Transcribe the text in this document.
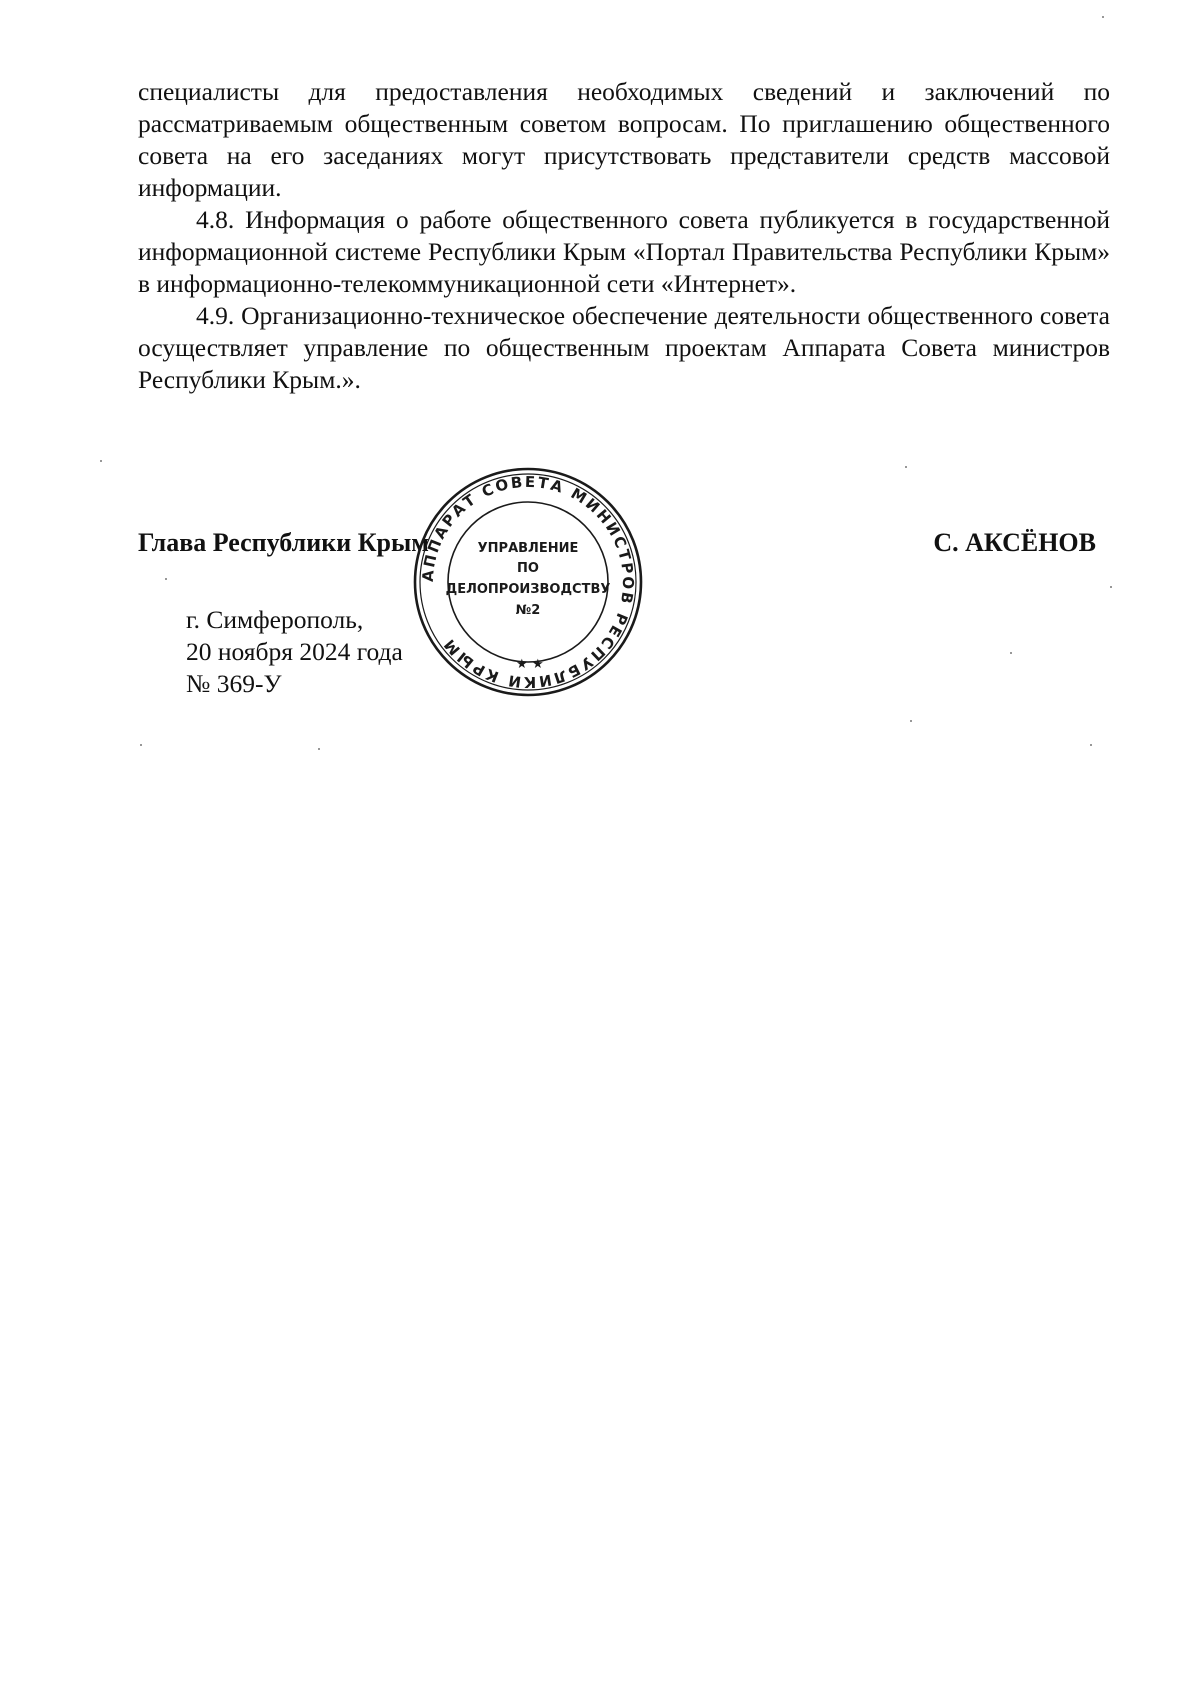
специалисты для предоставления необходимых сведений и заключений по рассматриваемым общественным советом вопросам. По приглашению общественного совета на его заседаниях могут присутствовать представители средств массовой информации.

4.8. Информация о работе общественного совета публикуется в государственной информационной системе Республики Крым «Портал Правительства Республики Крым» в информационно-телекоммуникационной сети «Интернет».

4.9. Организационно-техническое обеспечение деятельности общественного совета осуществляет управление по общественным проектам Аппарата Совета министров Республики Крым.».

Глава Республики Крым	С. АКСЁНОВ
г. Симферополь,
20 ноября 2024 года
№ 369-У
АППАРАТ СОВЕТА МИНИСТРОВ РЕСПУБЛИКИ КРЫМ
УПРАВЛЕНИЕ
ПО
ДЕЛОПРОИЗВОДСТВУ
№2
★ ★
